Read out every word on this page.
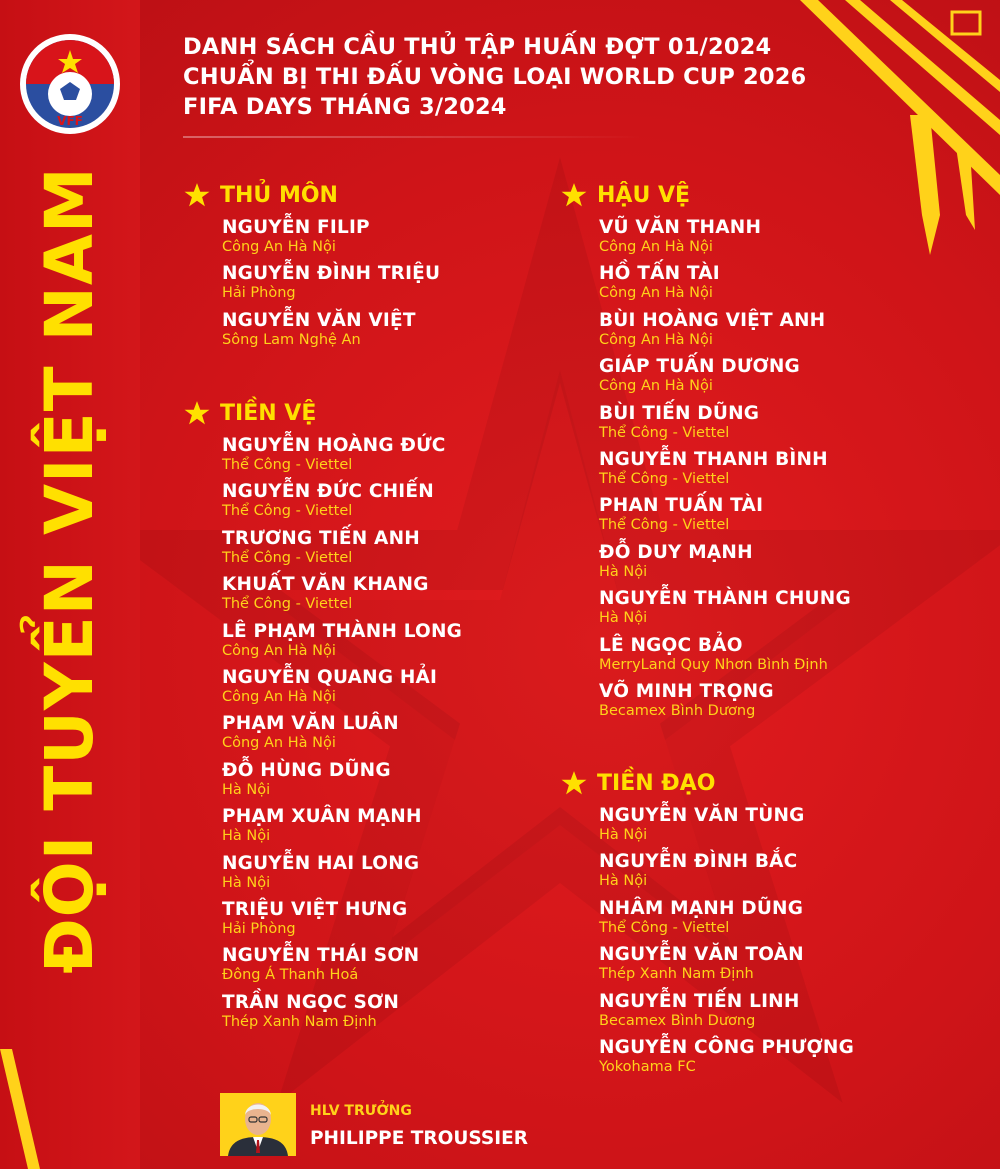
VFF
ĐỘI TUYỂN VIỆT NAM
DANH SÁCH CẦU THỦ TẬP HUẤN ĐỢT 01/2024
CHUẨN BỊ THI ĐẤU VÒNG LOẠI WORLD CUP 2026
FIFA DAYS THÁNG 3/2024
THỦ MÔN
NGUYỄN FILIP
Công An Hà Nội
NGUYỄN ĐÌNH TRIỆU
Hải Phòng
NGUYỄN VĂN VIỆT
Sông Lam Nghệ An
TIỀN VỆ
NGUYỄN HOÀNG ĐỨC
Thể Công - Viettel
NGUYỄN ĐỨC CHIẾN
Thể Công - Viettel
TRƯƠNG TIẾN ANH
Thể Công - Viettel
KHUẤT VĂN KHANG
Thể Công - Viettel
LÊ PHẠM THÀNH LONG
Công An Hà Nội
NGUYỄN QUANG HẢI
Công An Hà Nội
PHẠM VĂN LUÂN
Công An Hà Nội
ĐỖ HÙNG DŨNG
Hà Nội
PHẠM XUÂN MẠNH
Hà Nội
NGUYỄN HAI LONG
Hà Nội
TRIỆU VIỆT HƯNG
Hải Phòng
NGUYỄN THÁI SƠN
Đông Á Thanh Hoá
TRẦN NGỌC SƠN
Thép Xanh Nam Định
HẬU VỆ
VŨ VĂN THANH
Công An Hà Nội
HỒ TẤN TÀI
Công An Hà Nội
BÙI HOÀNG VIỆT ANH
Công An Hà Nội
GIÁP TUẤN DƯƠNG
Công An Hà Nội
BÙI TIẾN DŨNG
Thể Công - Viettel
NGUYỄN THANH BÌNH
Thể Công - Viettel
PHAN TUẤN TÀI
Thể Công - Viettel
ĐỖ DUY MẠNH
Hà Nội
NGUYỄN THÀNH CHUNG
Hà Nội
LÊ NGỌC BẢO
MerryLand Quy Nhơn Bình Định
VÕ MINH TRỌNG
Becamex Bình Dương
TIỀN ĐẠO
NGUYỄN VĂN TÙNG
Hà Nội
NGUYỄN ĐÌNH BẮC
Hà Nội
NHÂM MẠNH DŨNG
Thể Công - Viettel
NGUYỄN VĂN TOÀN
Thép Xanh Nam Định
NGUYỄN TIẾN LINH
Becamex Bình Dương
NGUYỄN CÔNG PHƯỢNG
Yokohama FC
HLV TRƯỞNG
PHILIPPE TROUSSIER
